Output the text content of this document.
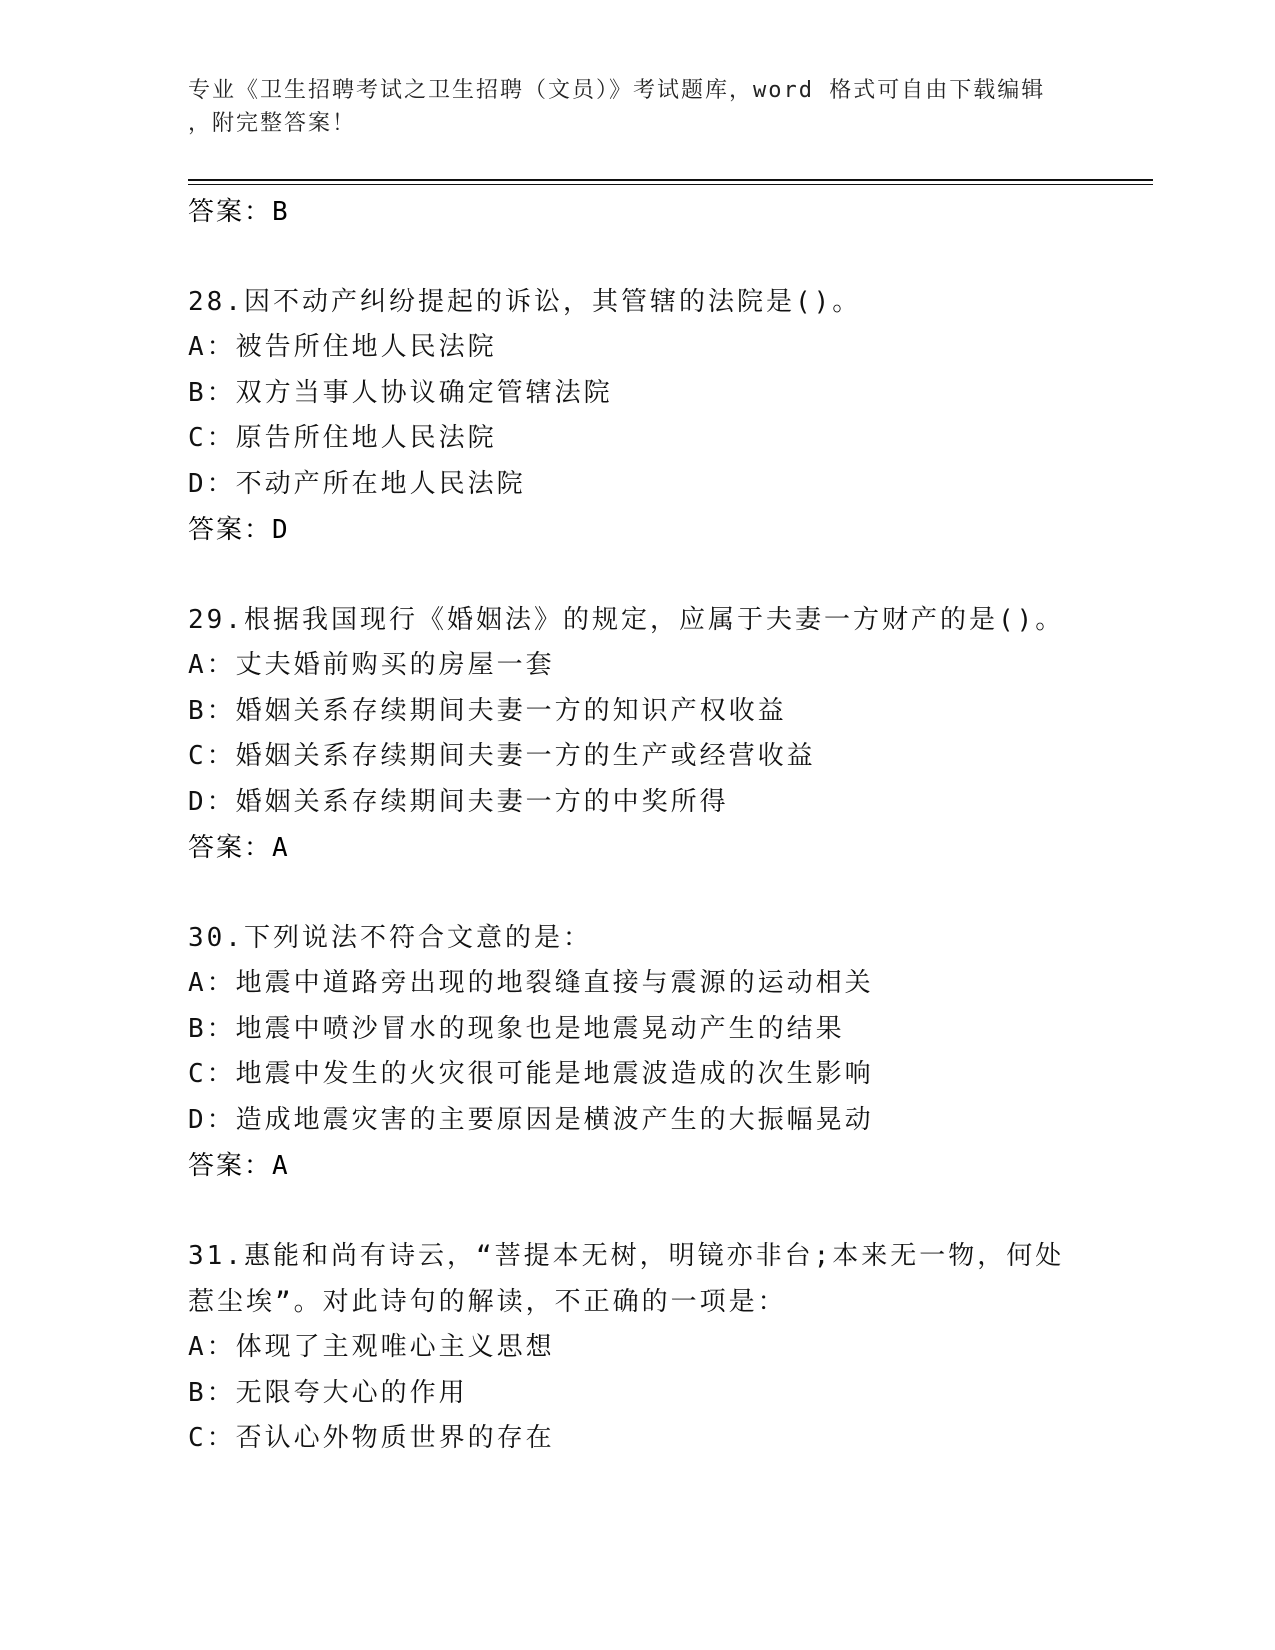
专业《卫生招聘考试之卫生招聘（文员）》考试题库，word 格式可自由下载编辑
，附完整答案！
答案：B
28.因不动产纠纷提起的诉讼，其管辖的法院是()。
A：被告所住地人民法院
B：双方当事人协议确定管辖法院
C：原告所住地人民法院
D：不动产所在地人民法院
答案：D
29.根据我国现行《婚姻法》的规定，应属于夫妻一方财产的是()。
A：丈夫婚前购买的房屋一套
B：婚姻关系存续期间夫妻一方的知识产权收益
C：婚姻关系存续期间夫妻一方的生产或经营收益
D：婚姻关系存续期间夫妻一方的中奖所得
答案：A
30.下列说法不符合文意的是：
A：地震中道路旁出现的地裂缝直接与震源的运动相关
B：地震中喷沙冒水的现象也是地震晃动产生的结果
C：地震中发生的火灾很可能是地震波造成的次生影响
D：造成地震灾害的主要原因是横波产生的大振幅晃动
答案：A
31.惠能和尚有诗云，“菩提本无树，明镜亦非台;本来无一物，何处
惹尘埃”。对此诗句的解读，不正确的一项是：
A：体现了主观唯心主义思想
B：无限夸大心的作用
C：否认心外物质世界的存在
